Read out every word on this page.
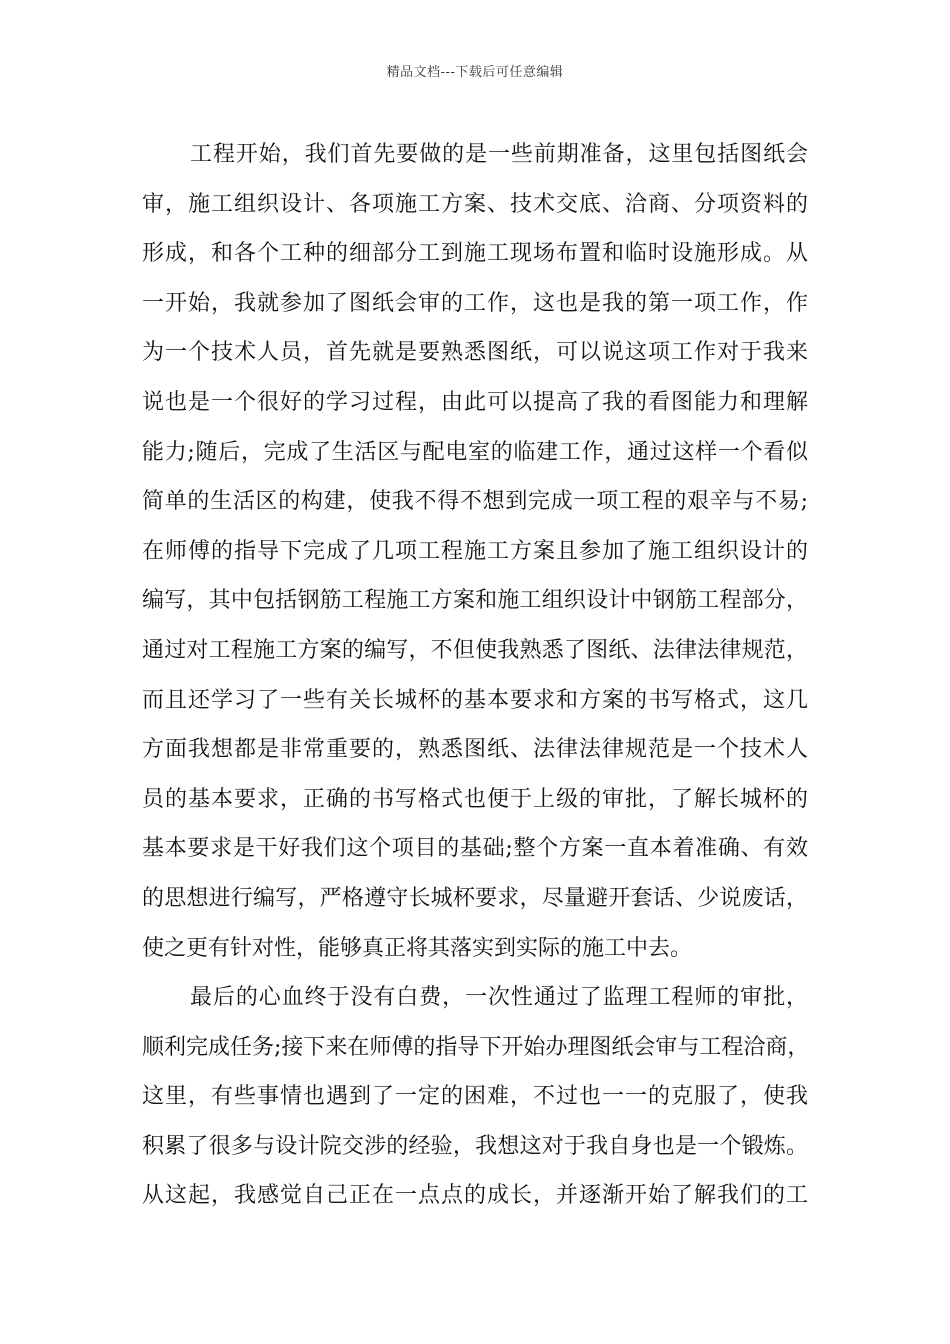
精品文档---下载后可任意编辑
工程开始，我们首先要做的是一些前期准备，这里包括图纸会
审，施工组织设计、各项施工方案、技术交底、洽商、分项资料的
形成，和各个工种的细部分工到施工现场布置和临时设施形成。从
一开始，我就参加了图纸会审的工作，这也是我的第一项工作，作
为一个技术人员，首先就是要熟悉图纸，可以说这项工作对于我来
说也是一个很好的学习过程，由此可以提高了我的看图能力和理解
能力;随后，完成了生活区与配电室的临建工作，通过这样一个看似
简单的生活区的构建，使我不得不想到完成一项工程的艰辛与不易;
在师傅的指导下完成了几项工程施工方案且参加了施工组织设计的
编写，其中包括钢筋工程施工方案和施工组织设计中钢筋工程部分，
通过对工程施工方案的编写，不但使我熟悉了图纸、法律法律规范，
而且还学习了一些有关长城杯的基本要求和方案的书写格式，这几
方面我想都是非常重要的，熟悉图纸、法律法律规范是一个技术人
员的基本要求，正确的书写格式也便于上级的审批，了解长城杯的
基本要求是干好我们这个项目的基础;整个方案一直本着准确、有效
的思想进行编写，严格遵守长城杯要求，尽量避开套话、少说废话，
使之更有针对性，能够真正将其落实到实际的施工中去。
最后的心血终于没有白费，一次性通过了监理工程师的审批，
顺利完成任务;接下来在师傅的指导下开始办理图纸会审与工程洽商，
这里，有些事情也遇到了一定的困难，不过也一一的克服了，使我
积累了很多与设计院交涉的经验，我想这对于我自身也是一个锻炼。
从这起，我感觉自己正在一点点的成长，并逐渐开始了解我们的工
